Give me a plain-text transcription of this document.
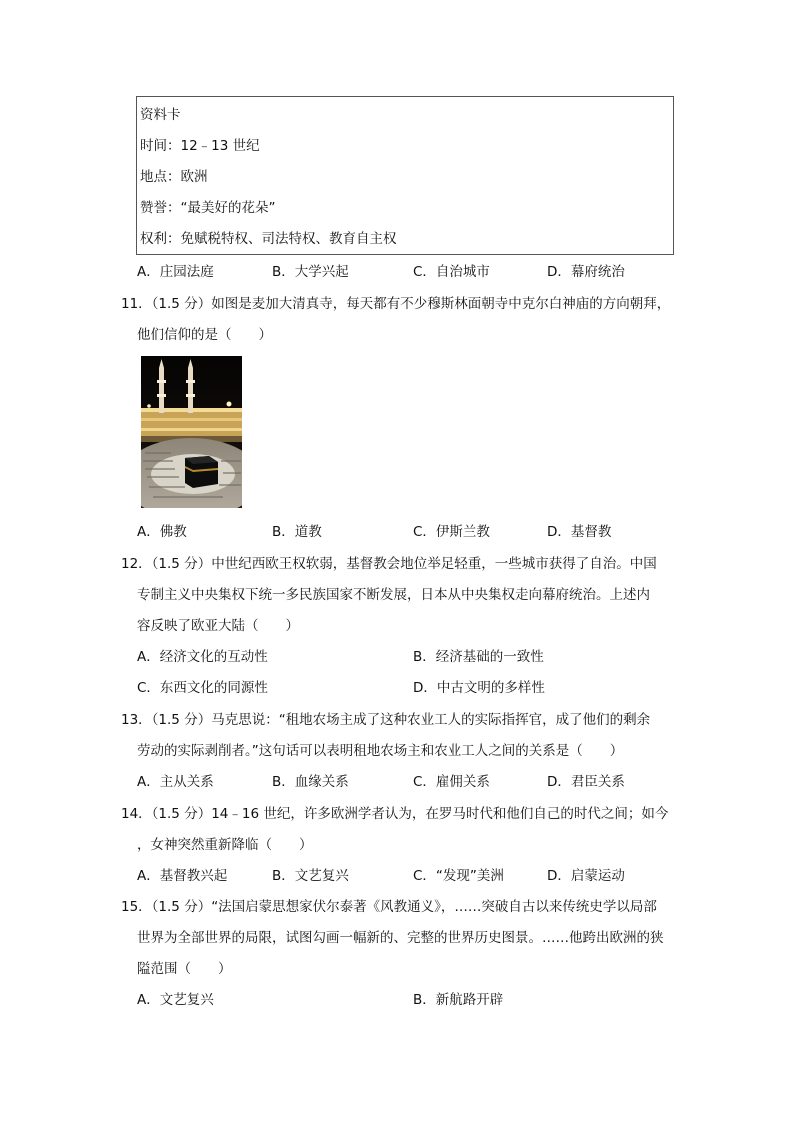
资料卡
时间：12﹣13 世纪
地点：欧洲
赞誉：“最美好的花朵”
权利：免赋税特权、司法特权、教育自主权
A．庄园法庭	B．大学兴起	C．自治城市	D．幕府统治
11．（1.5 分）如图是麦加大清真寺，每天都有不少穆斯林面朝寺中克尔白神庙的方向朝拜，
他们信仰的是（　　）
A．佛教	B．道教	C．伊斯兰教	D．基督教
12．（1.5 分）中世纪西欧王权软弱，基督教会地位举足轻重，一些城市获得了自治。中国
专制主义中央集权下统一多民族国家不断发展，日本从中央集权走向幕府统治。上述内
容反映了欧亚大陆（　　）
A．经济文化的互动性	B．经济基础的一致性
C．东西文化的同源性	D．中古文明的多样性
13．（1.5 分）马克思说：“租地农场主成了这种农业工人的实际指挥官，成了他们的剩余
劳动的实际剥削者。”这句话可以表明租地农场主和农业工人之间的关系是（　　）
A．主从关系	B．血缘关系	C．雇佣关系	D．君臣关系
14．（1.5 分）14﹣16 世纪，许多欧洲学者认为，在罗马时代和他们自己的时代之间；如今
，女神突然重新降临（　　）
A．基督教兴起	B．文艺复兴	C．“发现”美洲	D．启蒙运动
15．（1.5 分）“法国启蒙思想家伏尔泰著《风教通义》，……突破自古以来传统史学以局部
世界为全部世界的局限，试图勾画一幅新的、完整的世界历史图景。……他跨出欧洲的狭
隘范围（　　）
A．文艺复兴	B．新航路开辟
